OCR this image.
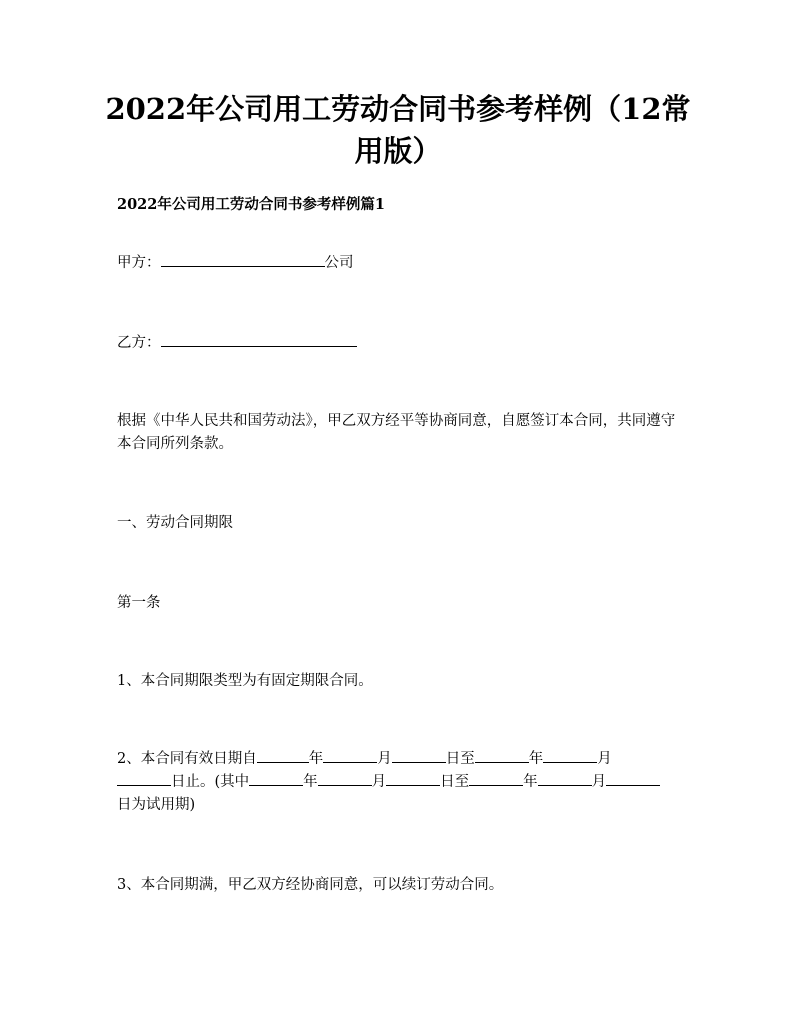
2022年公司用工劳动合同书参考样例（12常
用版）

2022年公司用工劳动合同书参考样例篇1

甲方：	公司

乙方：

根据《中华人民共和国劳动法》，甲乙双方经平等协商同意，自愿签订本合同，共同遵守本合同所列条款。

一、劳动合同期限

第一条

1、本合同期限类型为有固定期限合同。

2、本合同有效日期自	年	月	日至	年	月
日止。(其中	年	月	日至	年	月
日为试用期)

3、本合同期满，甲乙双方经协商同意，可以续订劳动合同。
